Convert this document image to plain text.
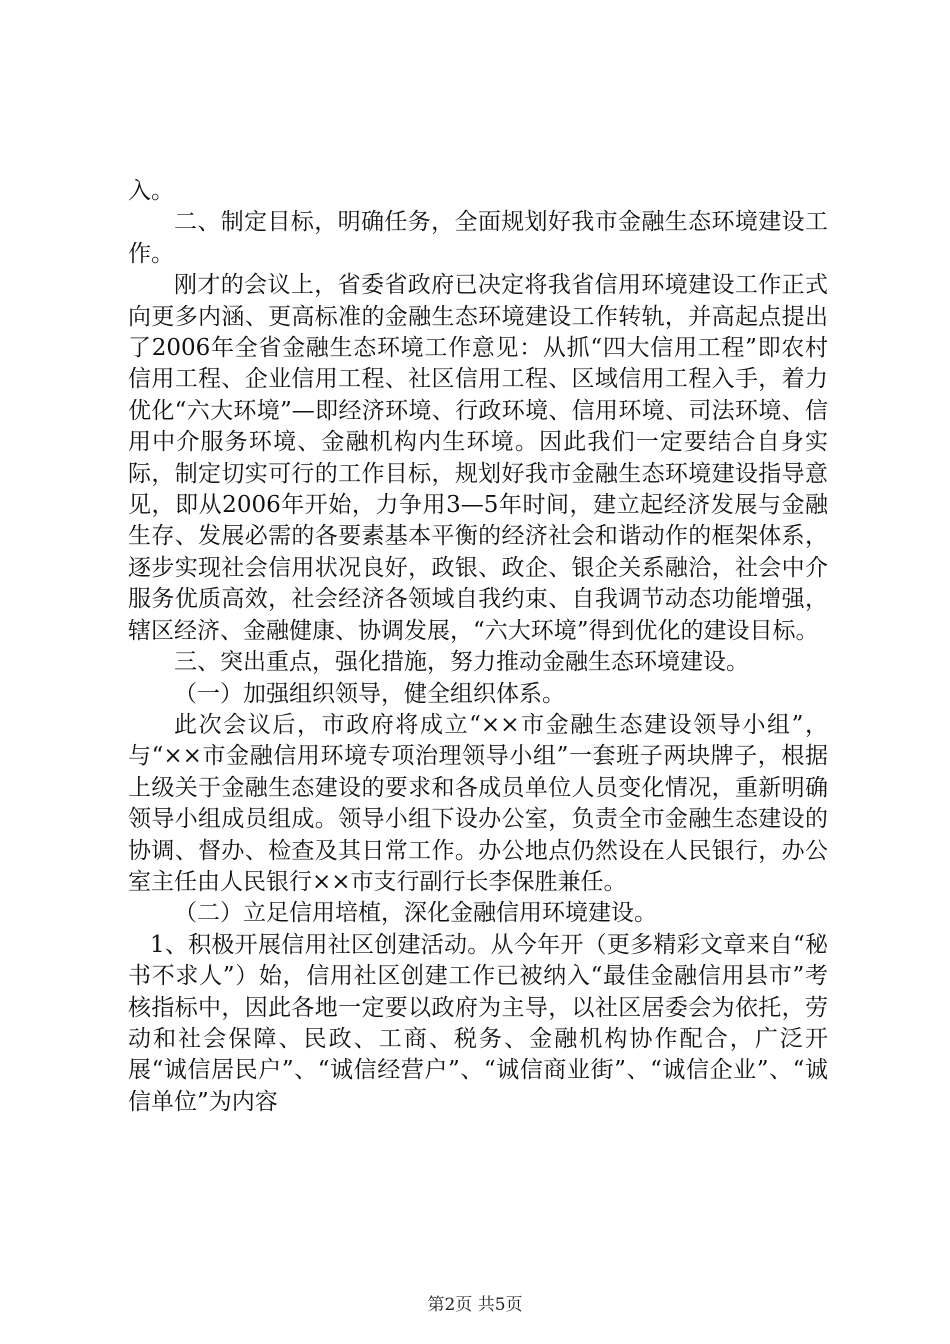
入。

二、制定目标，明确任务，全面规划好我市金融生态环境建设工作。

刚才的会议上，省委省政府已决定将我省信用环境建设工作正式向更多内涵、更高标准的金融生态环境建设工作转轨，并高起点提出了2006年全省金融生态环境工作意见：从抓“四大信用工程”即农村信用工程、企业信用工程、社区信用工程、区域信用工程入手，着力优化“六大环境”—即经济环境、行政环境、信用环境、司法环境、信用中介服务环境、金融机构内生环境。因此我们一定要结合自身实际，制定切实可行的工作目标，规划好我市金融生态环境建设指导意见，即从2006年开始，力争用3—5年时间，建立起经济发展与金融生存、发展必需的各要素基本平衡的经济社会和谐动作的框架体系，逐步实现社会信用状况良好，政银、政企、银企关系融洽，社会中介服务优质高效，社会经济各领域自我约束、自我调节动态功能增强，辖区经济、金融健康、协调发展，“六大环境”得到优化的建设目标。

三、突出重点，强化措施，努力推动金融生态环境建设。

（一）加强组织领导，健全组织体系。

此次会议后，市政府将成立“××市金融生态建设领导小组”，与“××市金融信用环境专项治理领导小组”一套班子两块牌子，根据上级关于金融生态建设的要求和各成员单位人员变化情况，重新明确领导小组成员组成。领导小组下设办公室，负责全市金融生态建设的协调、督办、检查及其日常工作。办公地点仍然设在人民银行，办公室主任由人民银行××市支行副行长李保胜兼任。

（二）立足信用培植，深化金融信用环境建设。

1、积极开展信用社区创建活动。从今年开（更多精彩文章来自“秘书不求人”）始，信用社区创建工作已被纳入“最佳金融信用县市”考核指标中，因此各地一定要以政府为主导，以社区居委会为依托，劳动和社会保障、民政、工商、税务、金融机构协作配合，广泛开展“诚信居民户”、“诚信经营户”、“诚信商业街”、“诚信企业”、“诚信单位”为内容

第2页 共5页
